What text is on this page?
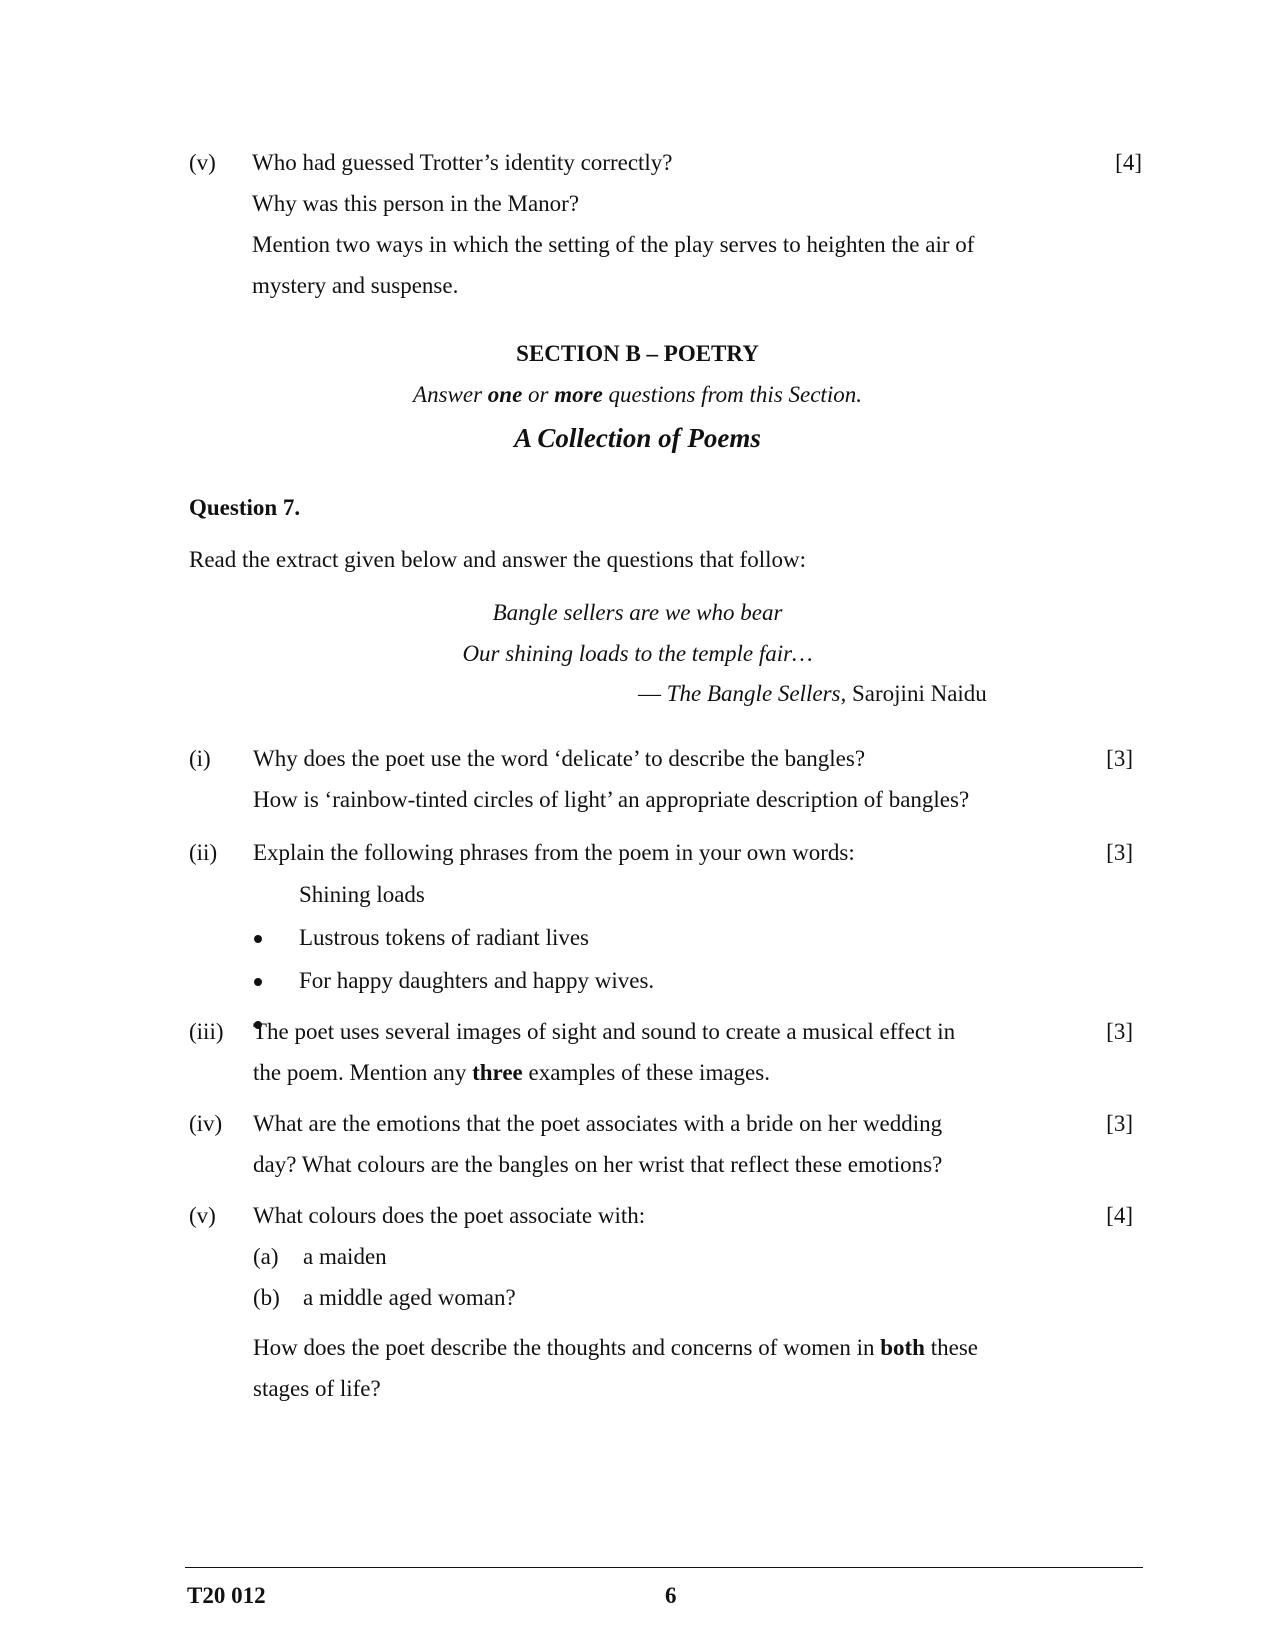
(v) Who had guessed Trotter’s identity correctly?	[4]
Why was this person in the Manor?
Mention two ways in which the setting of the play serves to heighten the air of
mystery and suspense.
SECTION B – POETRY
Answer one or more questions from this Section.
A Collection of Poems
Question 7.
Read the extract given below and answer the questions that follow:
Bangle sellers are we who bear
Our shining loads to the temple fair…
— The Bangle Sellers, Sarojini Naidu
(i) Why does the poet use the word ‘delicate’ to describe the bangles?	[3]
How is ‘rainbow-tinted circles of light’ an appropriate description of bangles?
(ii) Explain the following phrases from the poem in your own words:	[3]
Shining loads
Lustrous tokens of radiant lives
For happy daughters and happy wives.
(iii) The poet uses several images of sight and sound to create a musical effect in	[3]
the poem. Mention any three examples of these images.
(iv) What are the emotions that the poet associates with a bride on her wedding	[3]
day? What colours are the bangles on her wrist that reflect these emotions?
(v) What colours does the poet associate with:	[4]
(a) a maiden
(b) a middle aged woman?
How does the poet describe the thoughts and concerns of women in both these
stages of life?
T20 012	6
